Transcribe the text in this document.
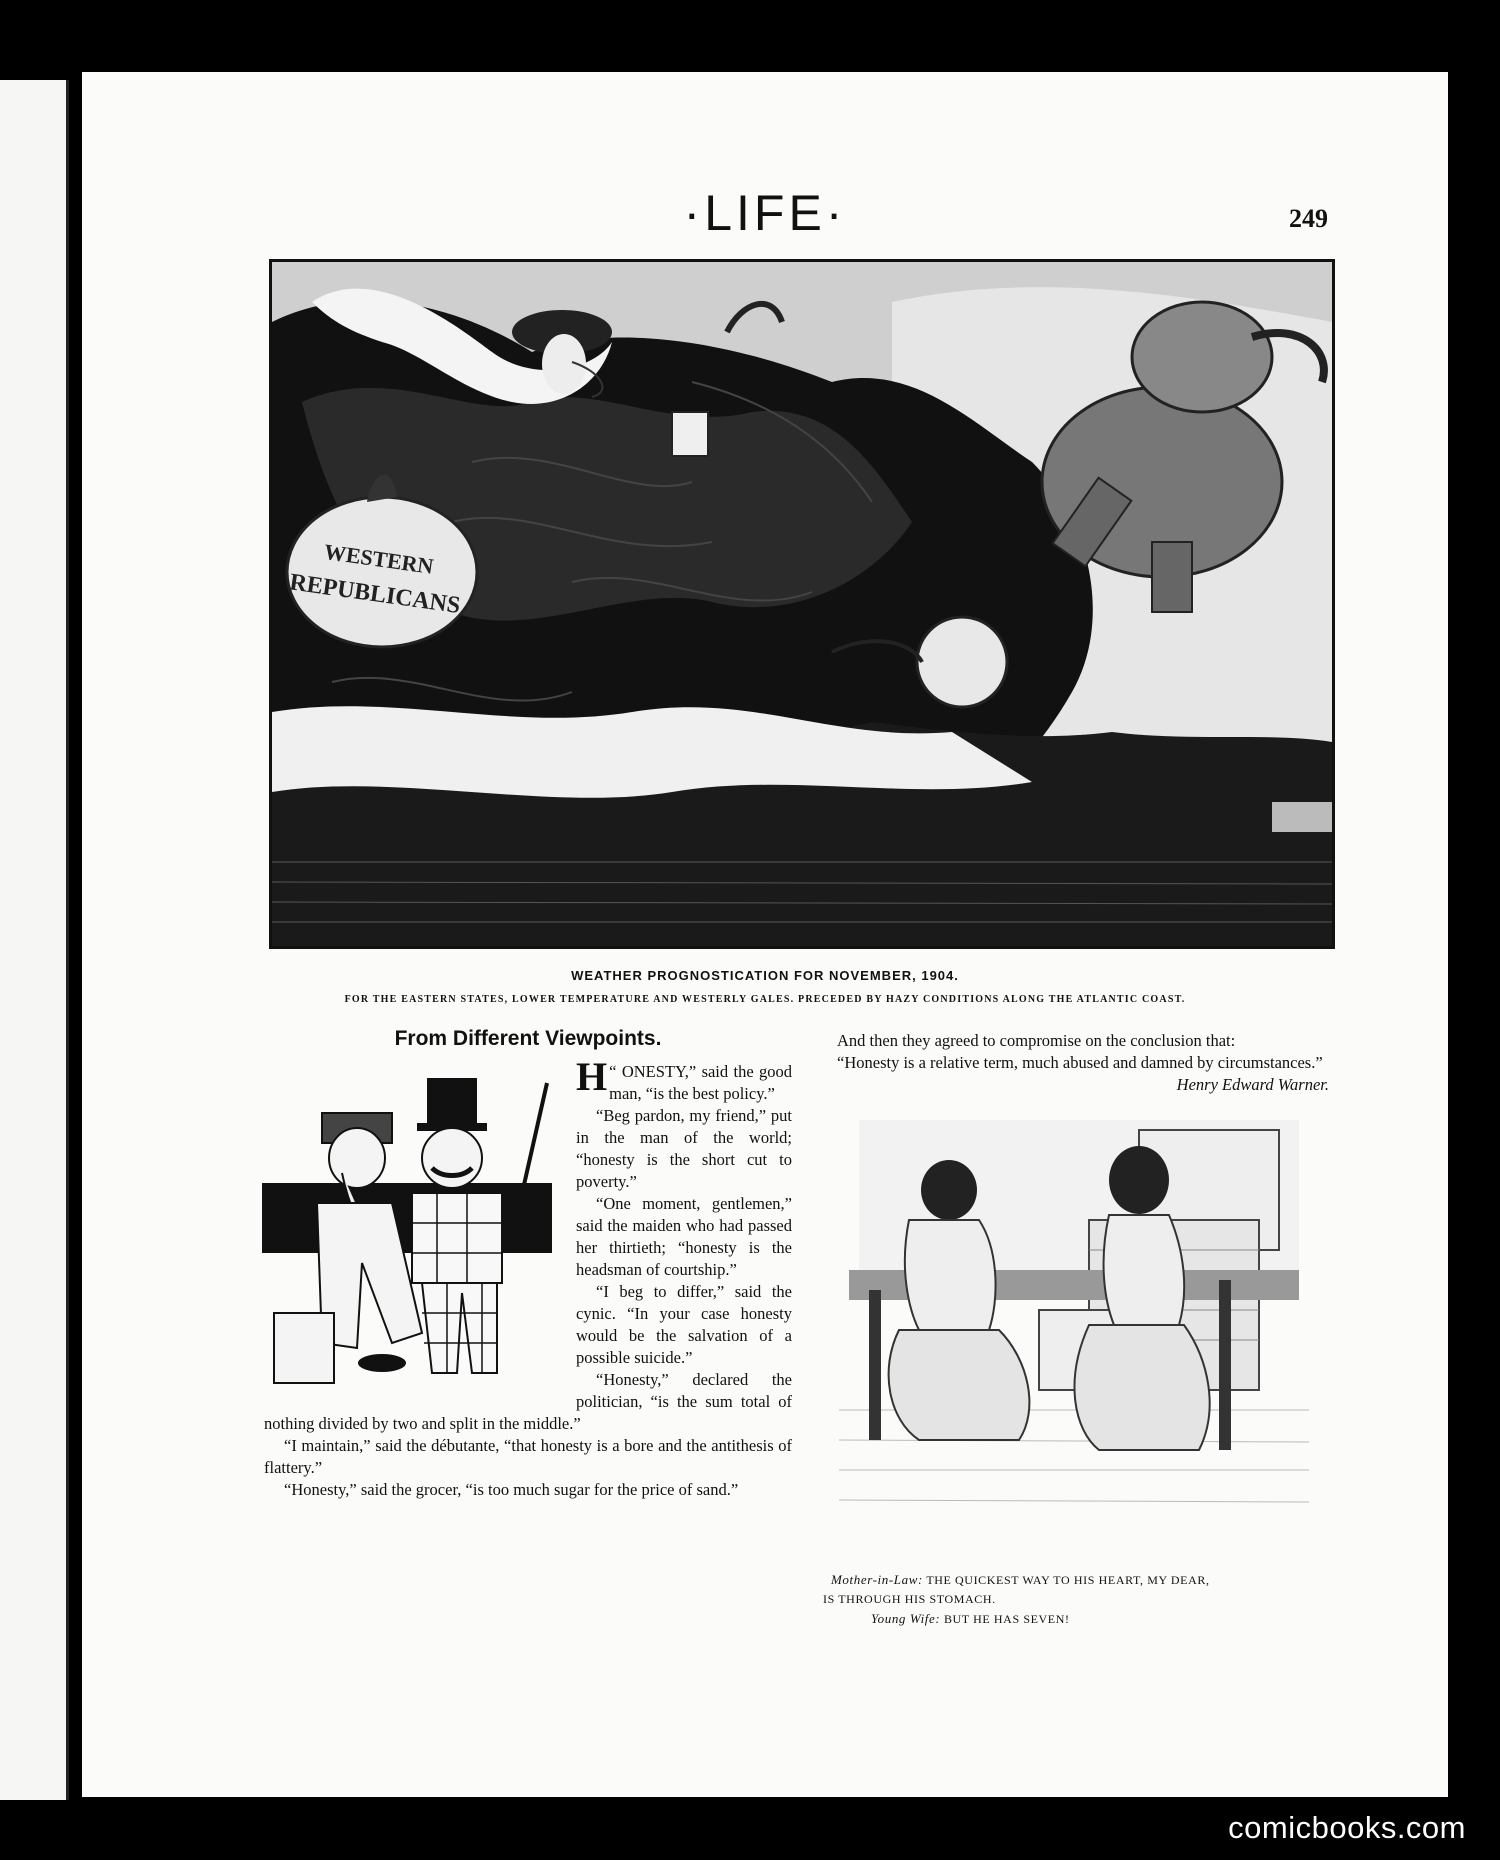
·LIFE·	249
WESTERN
REPUBLICANS
WEATHER PROGNOSTICATION FOR NOVEMBER, 1904.
FOR THE EASTERN STATES, LOWER TEMPERATURE AND WESTERLY GALES. PRECEDED BY HAZY CONDITIONS ALONG THE ATLANTIC COAST.
From Different Viewpoints.

“
H ONESTY,” said the good man, “is the best policy.”

“Beg pardon, my friend,” put in the man of the world; “honesty is the short cut to poverty.”

“One moment, gentlemen,” said the maiden who had passed her thirtieth; “honesty is the headsman of courtship.”

“I beg to differ,” said the cynic. “In your case honesty would be the salvation of a possible suicide.”

“Honesty,” declared the politician, “is the sum total of nothing divided by two and split in the middle.”

“I maintain,” said the débutante, “that honesty is a bore and the antithesis of flattery.”

“Honesty,” said the grocer, “is too much sugar for the price of sand.”

And then they agreed to compromise on the conclusion that:

“Honesty is a relative term, much abused and damned by circumstances.”
Henry Edward Warner.

Mother-in-Law: THE QUICKEST WAY TO HIS HEART, MY DEAR,
IS THROUGH HIS STOMACH.
Young Wife: BUT HE HAS SEVEN!
comicbooks.com
